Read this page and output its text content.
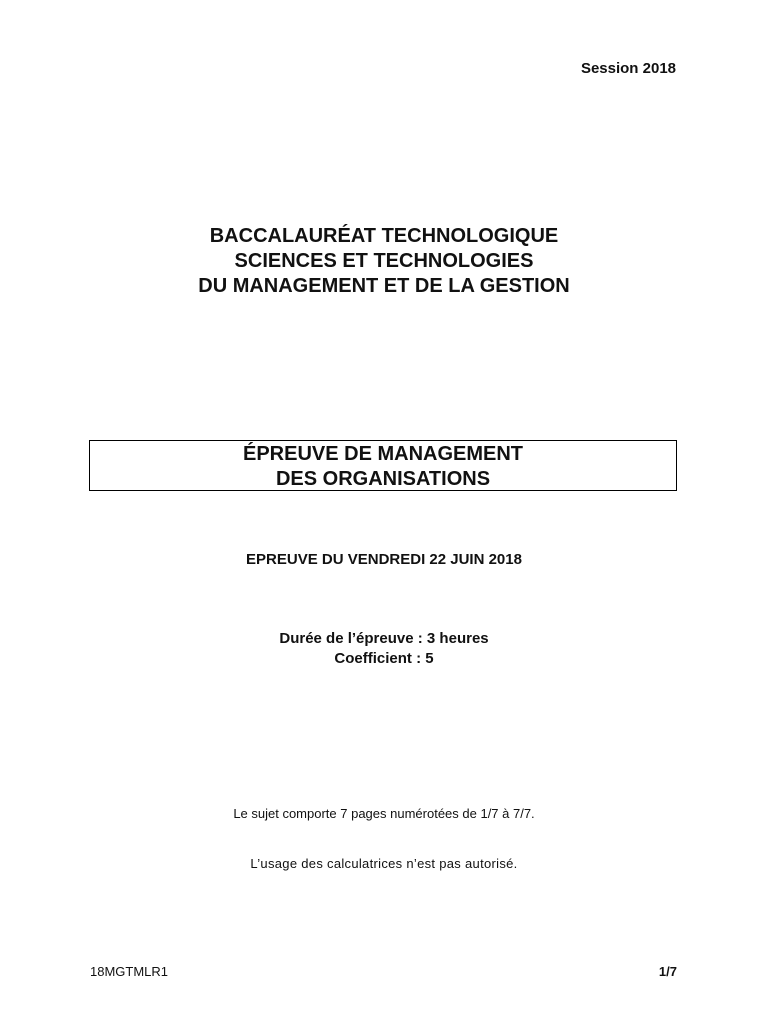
Session 2018
BACCALAURÉAT TECHNOLOGIQUE
SCIENCES ET TECHNOLOGIES
DU MANAGEMENT ET DE LA GESTION
ÉPREUVE DE MANAGEMENT
DES ORGANISATIONS
EPREUVE DU VENDREDI 22 JUIN 2018
Durée de l’épreuve : 3 heures
Coefficient : 5
Le sujet comporte 7 pages numérotées de 1/7 à 7/7.
L’usage des calculatrices n’est pas autorisé.
18MGTMLR1	1/7
